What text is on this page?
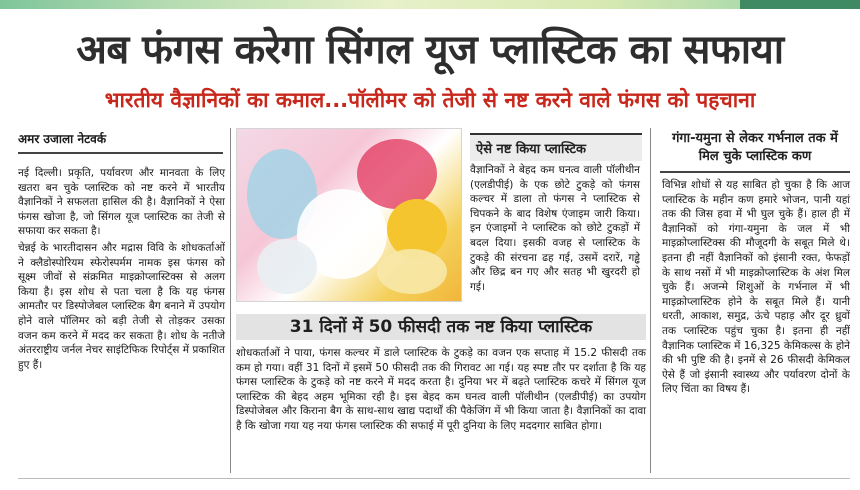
अब फंगस करेगा सिंगल यूज प्लास्टिक का सफाया
भारतीय वैज्ञानिकों का कमाल...पॉलीमर को तेजी से नष्ट करने वाले फंगस को पहचाना
अमर उजाला नेटवर्क

नई दिल्ली। प्रकृति, पर्यावरण और मानवता के लिए खतरा बन चुके प्लास्टिक को नष्ट करने में भारतीय वैज्ञानिकों ने सफलता हासिल की है। वैज्ञानिकों ने ऐसा फंगस खोजा है, जो सिंगल यूज प्लास्टिक का तेजी से सफाया कर सकता है।

चेन्नई के भारतीदासन और मद्रास विवि के शोधकर्ताओं ने क्लैडोस्पोरियम स्फेरोस्पर्मम नामक इस फंगस को सूक्ष्म जीवों से संक्रमित माइक्रोप्लास्टिक्स से अलग किया है। इस शोध से पता चला है कि यह फंगस आमतौर पर डिस्पोजेबल प्लास्टिक बैग बनाने में उपयोग होने वाले पॉलिमर को बड़ी तेजी से तोड़कर उसका वजन कम करने में मदद कर सकता है। शोध के नतीजे अंतरराष्ट्रीय जर्नल नेचर साइंटिफिक रिपोर्ट्स में प्रकाशित हुए हैं।

ऐसे नष्ट किया प्लास्टिक
वैज्ञानिकों ने बेहद कम घनत्व वाली पॉलीथीन (एलडीपीई) के एक छोटे टुकड़े को फंगस कल्चर में डाला तो फंगस ने प्लास्टिक से चिपकने के बाद विशेष एंजाइम जारी किया। इन एंजाइमों ने प्लास्टिक को छोटे टुकड़ों में बदल दिया। इसकी वजह से प्लास्टिक के टुकड़े की संरचना ढह गई, उसमें दरारें, गड्ढे और छिद्र बन गए और सतह भी खुरदरी हो गई।
गंगा-यमुना से लेकर गर्भनाल तक में मिल चुके प्लास्टिक कण
विभिन्न शोधों से यह साबित हो चुका है कि आज प्लास्टिक के महीन कण हमारे भोजन, पानी यहां तक की जिस हवा में भी घुल चुके हैं। हाल ही में वैज्ञानिकों को गंगा-यमुना के जल में भी माइक्रोप्लास्टिक्स की मौजूदगी के सबूत मिले थे। इतना ही नहीं वैज्ञानिकों को इंसानी रक्त, फेफड़ों के साथ नसों में भी माइक्रोप्लास्टिक के अंश मिल चुके हैं। अजन्मे शिशुओं के गर्भनाल में भी माइक्रोप्लास्टिक होने के सबूत मिले हैं। यानी धरती, आकाश, समुद्र, ऊंचे पहाड़ और दूर ध्रुवों तक प्लास्टिक पहुंच चुका है। इतना ही नहीं वैज्ञानिक प्लास्टिक में 16,325 केमिकल्स के होने की भी पुष्टि की है। इनमें से 26 फीसदी केमिकल ऐसे हैं जो इंसानी स्वास्थ्य और पर्यावरण दोनों के लिए चिंता का विषय हैं।
31 दिनों में 50 फीसदी तक नष्ट किया प्लास्टिक
शोधकर्ताओं ने पाया, फंगस कल्चर में डाले प्लास्टिक के टुकड़े का वजन एक सप्ताह में 15.2 फीसदी तक कम हो गया। वहीं 31 दिनों में इसमें 50 फीसदी तक की गिरावट आ गई। यह स्पष्ट तौर पर दर्शाता है कि यह फंगस प्लास्टिक के टुकड़े को नष्ट करने में मदद करता है। दुनिया भर में बढ़ते प्लास्टिक कचरे में सिंगल यूज प्लास्टिक की बेहद अहम भूमिका रही है। इस बेहद कम घनत्व वाली पॉलीथीन (एलडीपीई) का उपयोग डिस्पोजेबल और किराना बैग के साथ-साथ खाद्य पदार्थों की पैकेजिंग में भी किया जाता है। वैज्ञानिकों का दावा है कि खोजा गया यह नया फंगस प्लास्टिक की सफाई में पूरी दुनिया के लिए मददगार साबित होगा।
